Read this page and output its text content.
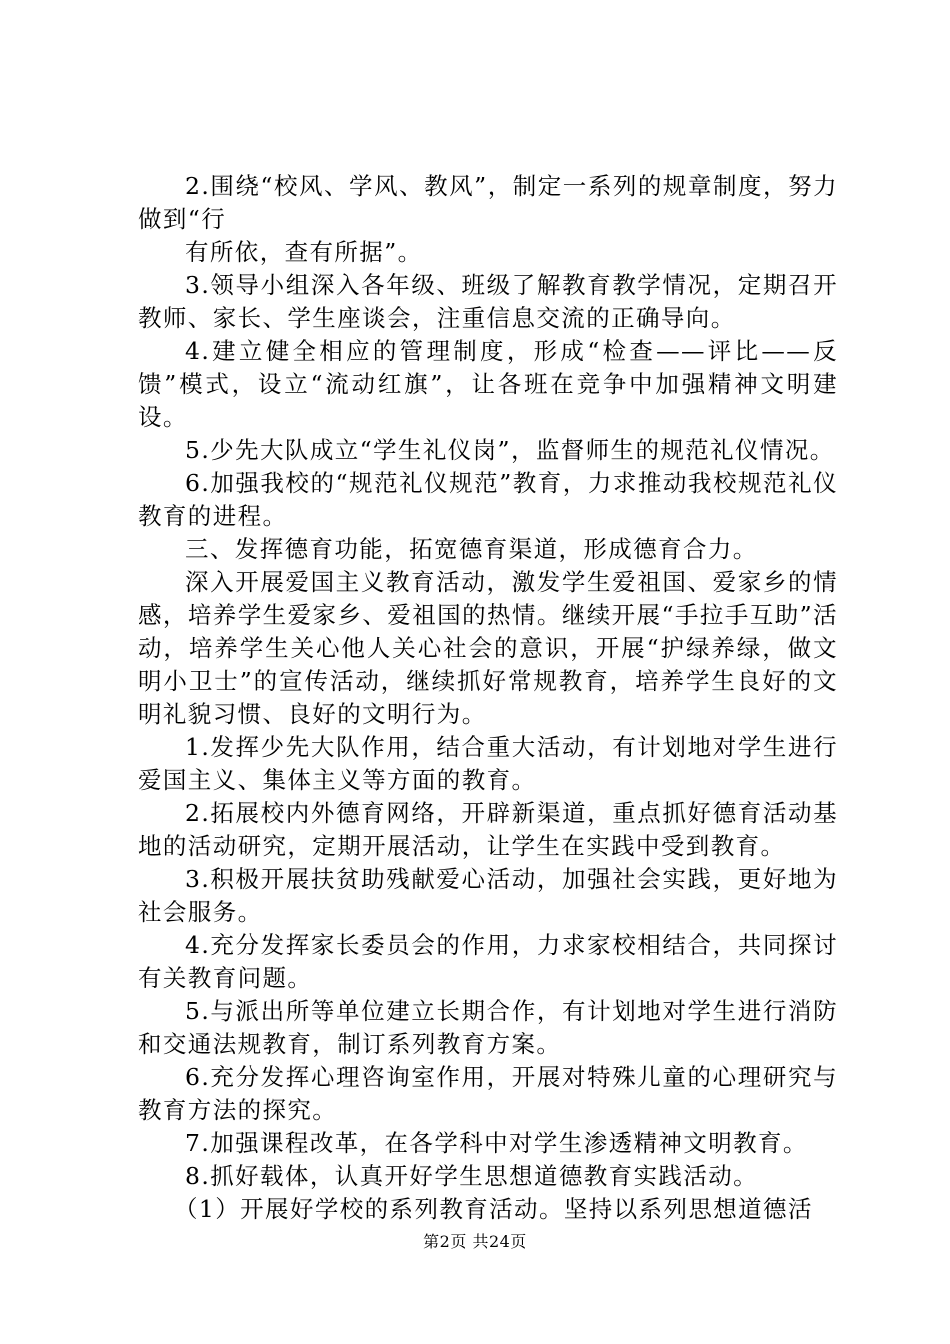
2.围绕“校风、学风、教风”，制定一系列的规章制度，努力做到“行

有所依，查有所据”。

3.领导小组深入各年级、班级了解教育教学情况，定期召开教师、家长、学生座谈会，注重信息交流的正确导向。

4.建立健全相应的管理制度，形成“检查——评比——反馈”模式，设立“流动红旗”，让各班在竞争中加强精神文明建设。

5.少先大队成立“学生礼仪岗”，监督师生的规范礼仪情况。

6.加强我校的“规范礼仪规范”教育，力求推动我校规范礼仪教育的进程。

三、发挥德育功能，拓宽德育渠道，形成德育合力。

深入开展爱国主义教育活动，激发学生爱祖国、爱家乡的情感，培养学生爱家乡、爱祖国的热情。继续开展“手拉手互助”活动，培养学生关心他人关心社会的意识，开展“护绿养绿，做文明小卫士”的宣传活动，继续抓好常规教育，培养学生良好的文明礼貌习惯、良好的文明行为。

1.发挥少先大队作用，结合重大活动，有计划地对学生进行爱国主义、集体主义等方面的教育。

2.拓展校内外德育网络，开辟新渠道，重点抓好德育活动基地的活动研究，定期开展活动，让学生在实践中受到教育。

3.积极开展扶贫助残献爱心活动，加强社会实践，更好地为社会服务。

4.充分发挥家长委员会的作用，力求家校相结合，共同探讨有关教育问题。

5.与派出所等单位建立长期合作，有计划地对学生进行消防和交通法规教育，制订系列教育方案。

6.充分发挥心理咨询室作用，开展对特殊儿童的心理研究与教育方法的探究。

7.加强课程改革，在各学科中对学生渗透精神文明教育。

8.抓好载体，认真开好学生思想道德教育实践活动。

（1）开展好学校的系列教育活动。坚持以系列思想道德活

第2页 共24页
